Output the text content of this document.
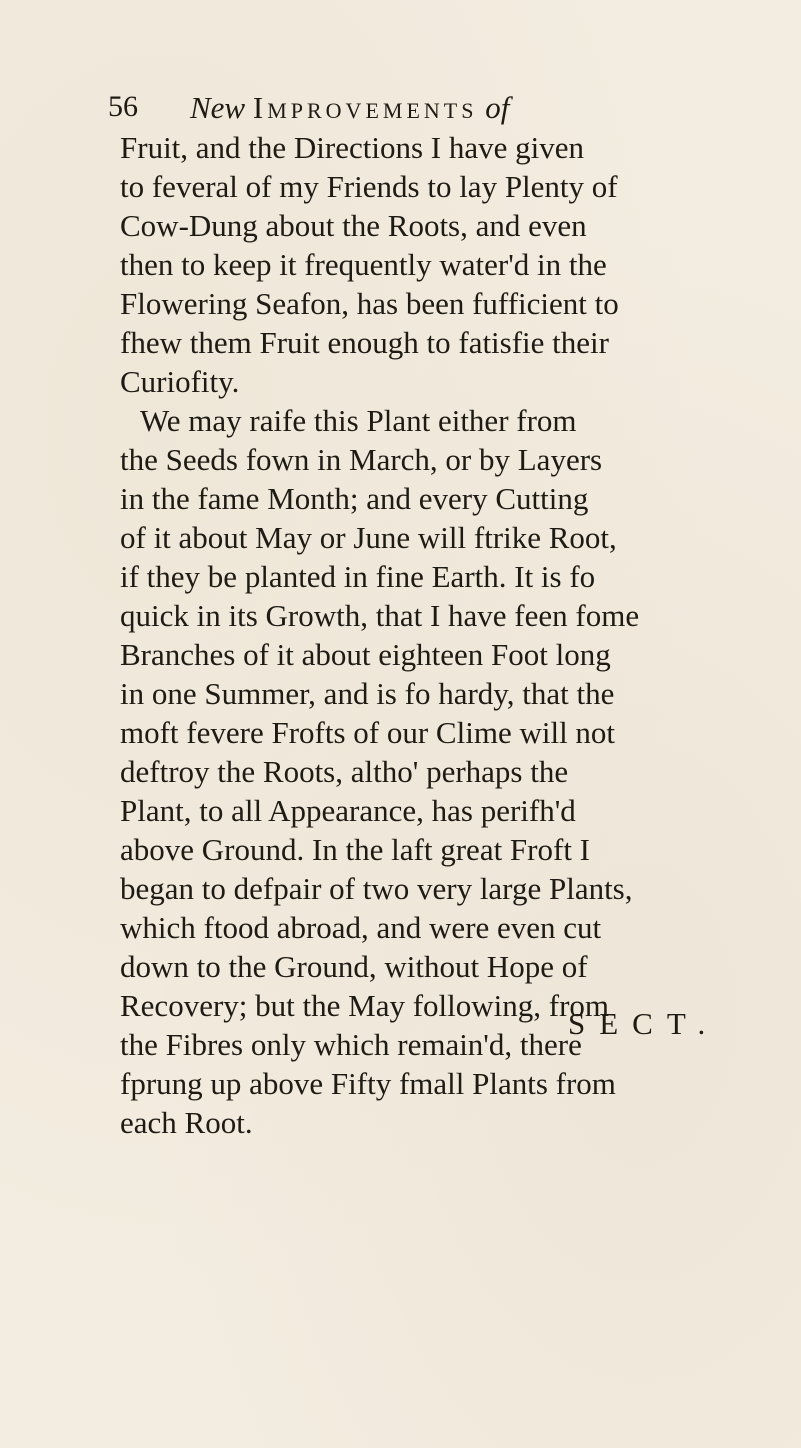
56 New Improvements of
Fruit, and the Directions I have given
to feveral of my Friends to lay Plenty of
Cow-Dung about the Roots, and even
then to keep it frequently water'd in the
Flowering Seafon, has been fufficient to
fhew them Fruit enough to fatisfie their
Curiofity.
We may raife this Plant either from
the Seeds fown in March, or by Layers
in the fame Month; and every Cutting
of it about May or June will ftrike Root,
if they be planted in fine Earth. It is fo
quick in its Growth, that I have feen fome
Branches of it about eighteen Foot long
in one Summer, and is fo hardy, that the
moft fevere Frofts of our Clime will not
deftroy the Roots, altho' perhaps the
Plant, to all Appearance, has perifh'd
above Ground. In the laft great Froft I
began to defpair of two very large Plants,
which ftood abroad, and were even cut
down to the Ground, without Hope of
Recovery; but the May following, from
the Fibres only which remain'd, there
fprung up above Fifty fmall Plants from
each Root.
SECT.
